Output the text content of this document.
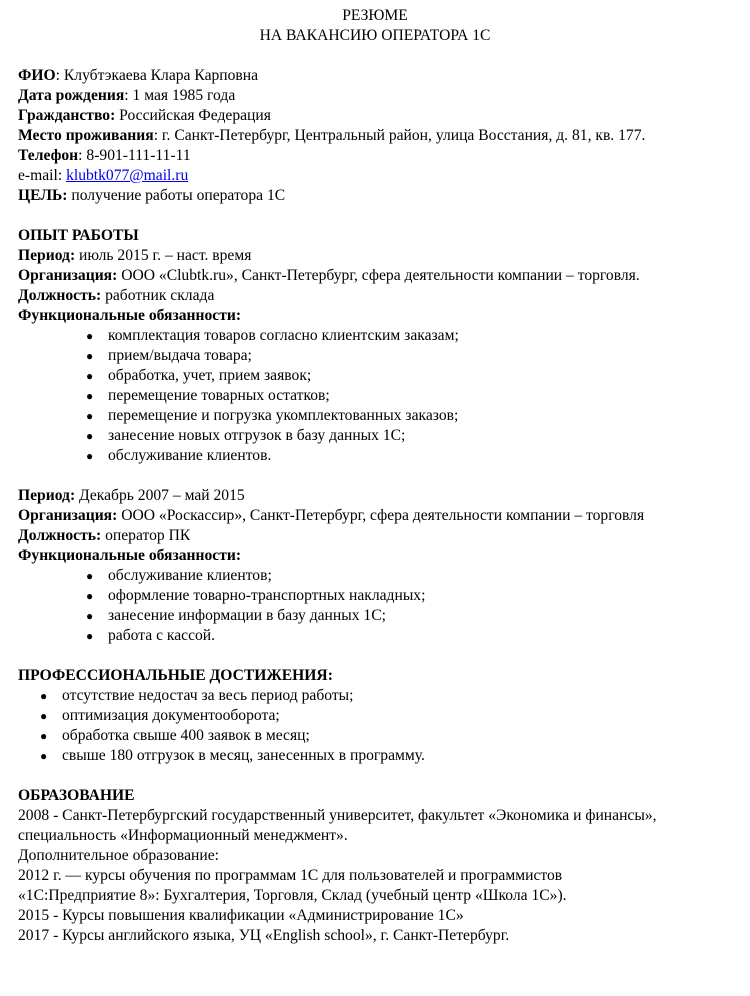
РЕЗЮМЕ
НА ВАКАНСИЮ ОПЕРАТОРА 1С
ФИО: Клубтэкаева Клара Карповна
Дата рождения: 1 мая 1985 года
Гражданство: Российская Федерация
Место проживания: г. Санкт-Петербург, Центральный район, улица Восстания, д. 81, кв. 177.
Телефон: 8-901-111-11-11
e-mail: klubtk077@mail.ru
ЦЕЛЬ: получение работы оператора 1С
ОПЫТ РАБОТЫ
Период: июль 2015 г. – наст. время
Организация: ООО «Clubtk.ru», Санкт-Петербург, сфера деятельности компании – торговля.
Должность: работник склада
Функциональные обязанности:
● комплектация товаров согласно клиентским заказам;
● прием/выдача товара;
● обработка, учет, прием заявок;
● перемещение товарных остатков;
● перемещение и погрузка укомплектованных заказов;
● занесение новых отгрузок в базу данных 1С;
● обслуживание клиентов.
Период: Декабрь 2007 – май 2015
Организация: ООО «Роскассир», Санкт-Петербург, сфера деятельности компании – торговля
Должность: оператор ПК
Функциональные обязанности:
● обслуживание клиентов;
● оформление товарно-транспортных накладных;
● занесение информации в базу данных 1С;
● работа с кассой.
ПРОФЕССИОНАЛЬНЫЕ ДОСТИЖЕНИЯ:
● отсутствие недостач за весь период работы;
● оптимизация документооборота;
● обработка свыше 400 заявок в месяц;
● свыше 180 отгрузок в месяц, занесенных в программу.
ОБРАЗОВАНИЕ
2008 - Санкт-Петербургский государственный университет, факультет «Экономика и финансы», специальность «Информационный менеджмент».
Дополнительное образование:
2012 г. — курсы обучения по программам 1С для пользователей и программистов «1С:Предприятие 8»: Бухгалтерия, Торговля, Склад (учебный центр «Школа 1С»).
2015 - Курсы повышения квалификации «Администрирование 1С»
2017 - Курсы английского языка, УЦ «English school», г. Санкт-Петербург.
